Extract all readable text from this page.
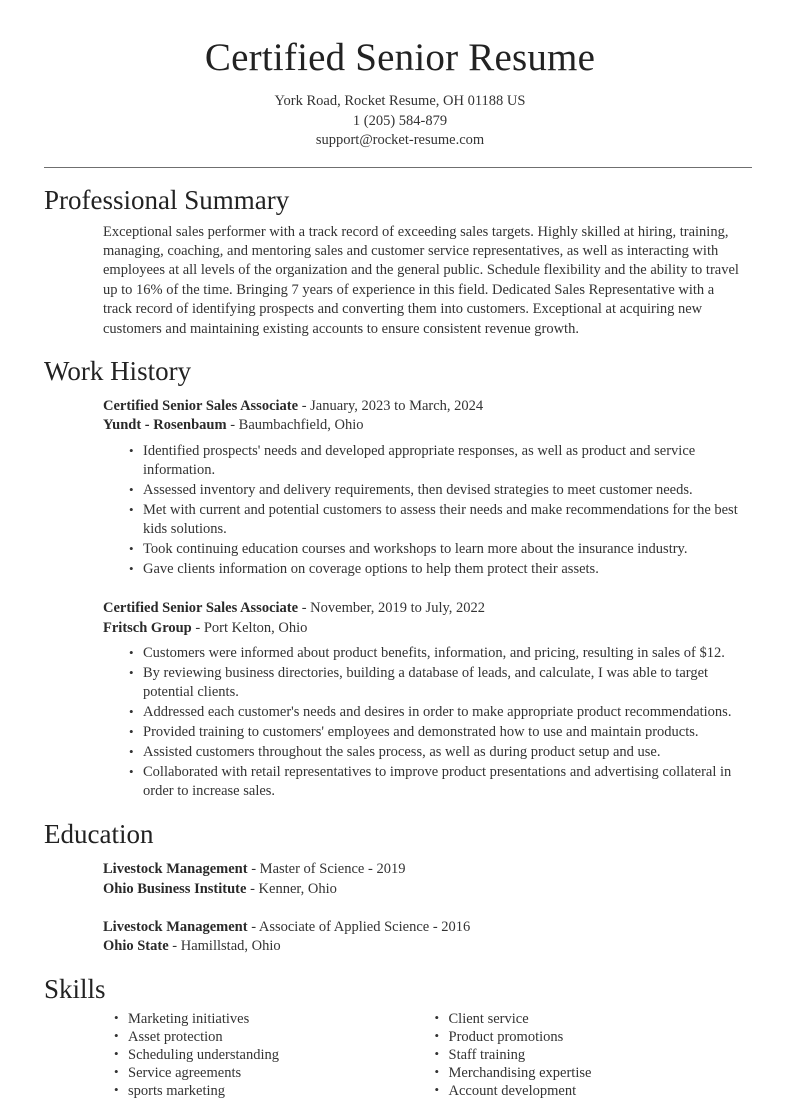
Certified Senior Resume
York Road, Rocket Resume, OH 01188 US
1 (205) 584-879
support@rocket-resume.com
Professional Summary

Exceptional sales performer with a track record of exceeding sales targets. Highly skilled at hiring, training, managing, coaching, and mentoring sales and customer service representatives, as well as interacting with employees at all levels of the organization and the general public. Schedule flexibility and the ability to travel up to 16% of the time. Bringing 7 years of experience in this field. Dedicated Sales Representative with a track record of identifying prospects and converting them into customers. Exceptional at acquiring new customers and maintaining existing accounts to ensure consistent revenue growth.

Work History
Certified Senior Sales Associate - January, 2023 to March, 2024
Yundt - Rosenbaum - Baumbachfield, Ohio
• Identified prospects' needs and developed appropriate responses, as well as product and service information.
• Assessed inventory and delivery requirements, then devised strategies to meet customer needs.
• Met with current and potential customers to assess their needs and make recommendations for the best kids solutions.
• Took continuing education courses and workshops to learn more about the insurance industry.
• Gave clients information on coverage options to help them protect their assets.
Certified Senior Sales Associate - November, 2019 to July, 2022
Fritsch Group - Port Kelton, Ohio
• Customers were informed about product benefits, information, and pricing, resulting in sales of $12.
• By reviewing business directories, building a database of leads, and calculate, I was able to target potential clients.
• Addressed each customer's needs and desires in order to make appropriate product recommendations.
• Provided training to customers' employees and demonstrated how to use and maintain products.
• Assisted customers throughout the sales process, as well as during product setup and use.
• Collaborated with retail representatives to improve product presentations and advertising collateral in order to increase sales.
Education
Livestock Management - Master of Science - 2019
Ohio Business Institute - Kenner, Ohio
Livestock Management - Associate of Applied Science - 2016
Ohio State - Hamillstad, Ohio
Skills
• Marketing initiatives
• Asset protection
• Scheduling understanding
• Service agreements
• sports marketing
• Client service
• Product promotions
• Staff training
• Merchandising expertise
• Account development
